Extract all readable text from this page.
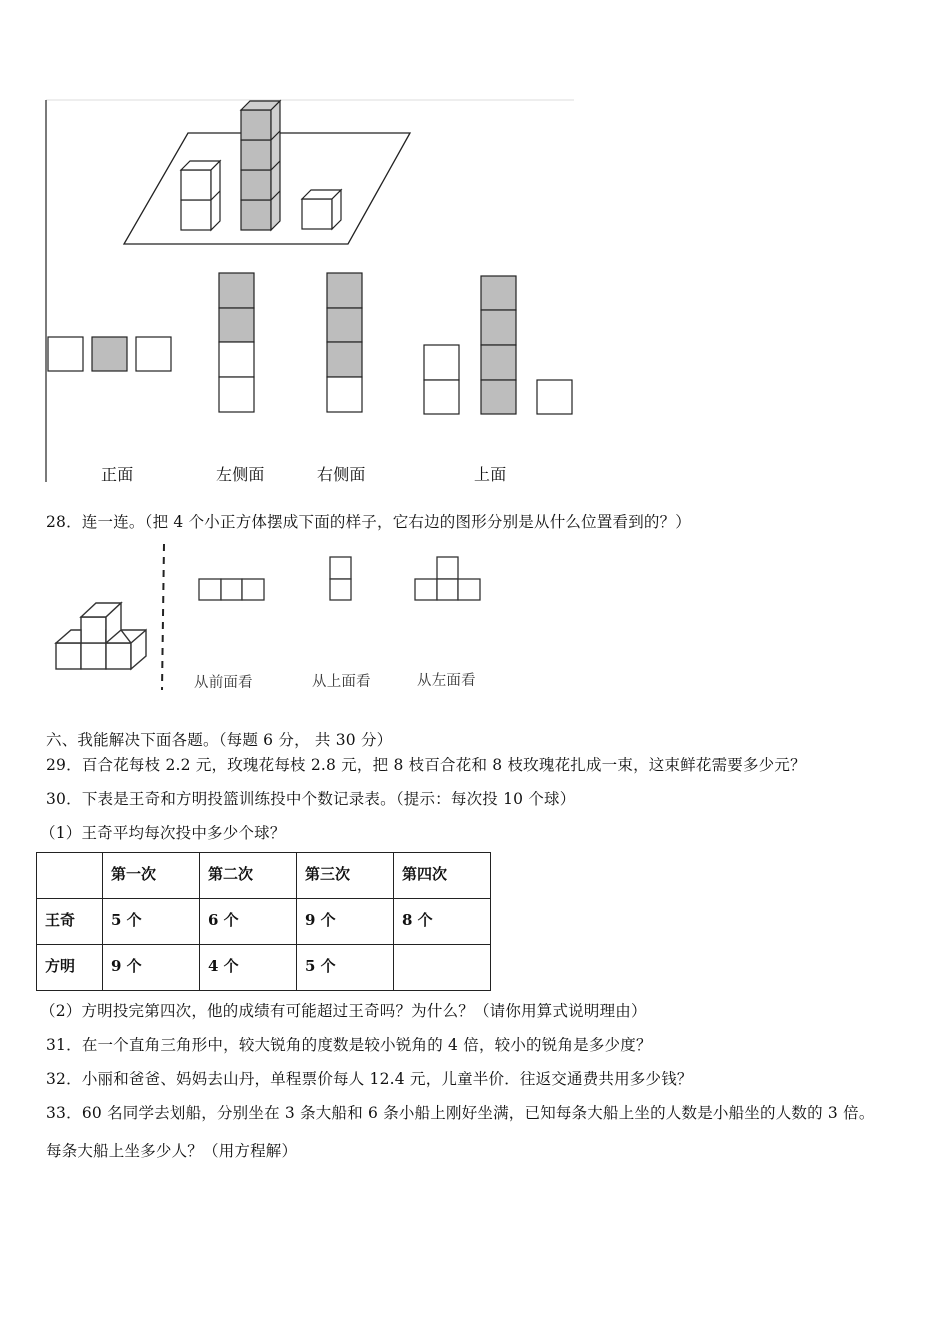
正面	左侧面	右侧面	上面
28．连一连。（把 4 个小正方体摆成下面的样子，它右边的图形分别是从什么位置看到的？）
从前面看	从上面看	从左面看
六、我能解决下面各题。（每题 6 分， 共 30 分）
29．百合花每枝 2.2 元，玫瑰花每枝 2.8 元，把 8 枝百合花和 8 枝玫瑰花扎成一束，这束鲜花需要多少元？
30．下表是王奇和方明投篮训练投中个数记录表。（提示：每次投 10 个球）
（1）王奇平均每次投中多少个球？
	第一次	第二次	第三次	第四次
王奇	5 个	6 个	9 个	8 个
方明	9 个	4 个	5 个	
（2）方明投完第四次，他的成绩有可能超过王奇吗？为什么？（请你用算式说明理由）
31．在一个直角三角形中，较大锐角的度数是较小锐角的 4 倍，较小的锐角是多少度？
32．小丽和爸爸、妈妈去山丹，单程票价每人 12.4 元，儿童半价．往返交通费共用多少钱？
33．60 名同学去划船，分别坐在 3 条大船和 6 条小船上刚好坐满，已知每条大船上坐的人数是小船坐的人数的 3 倍。
每条大船上坐多少人？（用方程解）
